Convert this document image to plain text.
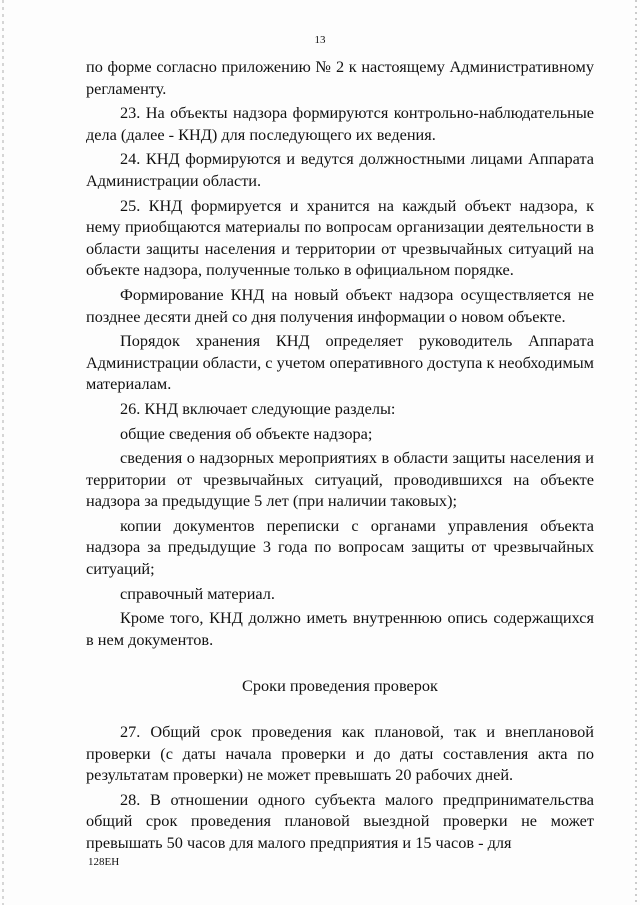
13

по форме согласно приложению № 2 к настоящему Административному регламенту.

23. На объекты надзора формируются контрольно-наблюдательные дела (далее - КНД) для последующего их ведения.

24. КНД формируются и ведутся должностными лицами Аппарата Администрации области.

25. КНД формируется и хранится на каждый объект надзора, к нему приобщаются материалы по вопросам организации деятельности в области защиты населения и территории от чрезвычайных ситуаций на объекте надзора, полученные только в официальном порядке.

Формирование КНД на новый объект надзора осуществляется не позднее десяти дней со дня получения информации о новом объекте.

Порядок хранения КНД определяет руководитель Аппарата Администрации области, с учетом оперативного доступа к необходимым материалам.

26. КНД включает следующие разделы:

общие сведения об объекте надзора;

сведения о надзорных мероприятиях в области защиты населения и территории от чрезвычайных ситуаций, проводившихся на объекте надзора за предыдущие 5 лет (при наличии таковых);

копии документов переписки с органами управления объекта надзора за предыдущие 3 года по вопросам защиты от чрезвычайных ситуаций;

справочный материал.

Кроме того, КНД должно иметь внутреннюю опись содержащихся в нем документов.

Сроки проведения проверок

27. Общий срок проведения как плановой, так и внеплановой проверки (с даты начала проверки и до даты составления акта по результатам проверки) не может превышать 20 рабочих дней.

28. В отношении одного субъекта малого предпринимательства общий срок проведения плановой выездной проверки не может превышать 50 часов для малого предприятия и 15 часов - для

128ЕН
